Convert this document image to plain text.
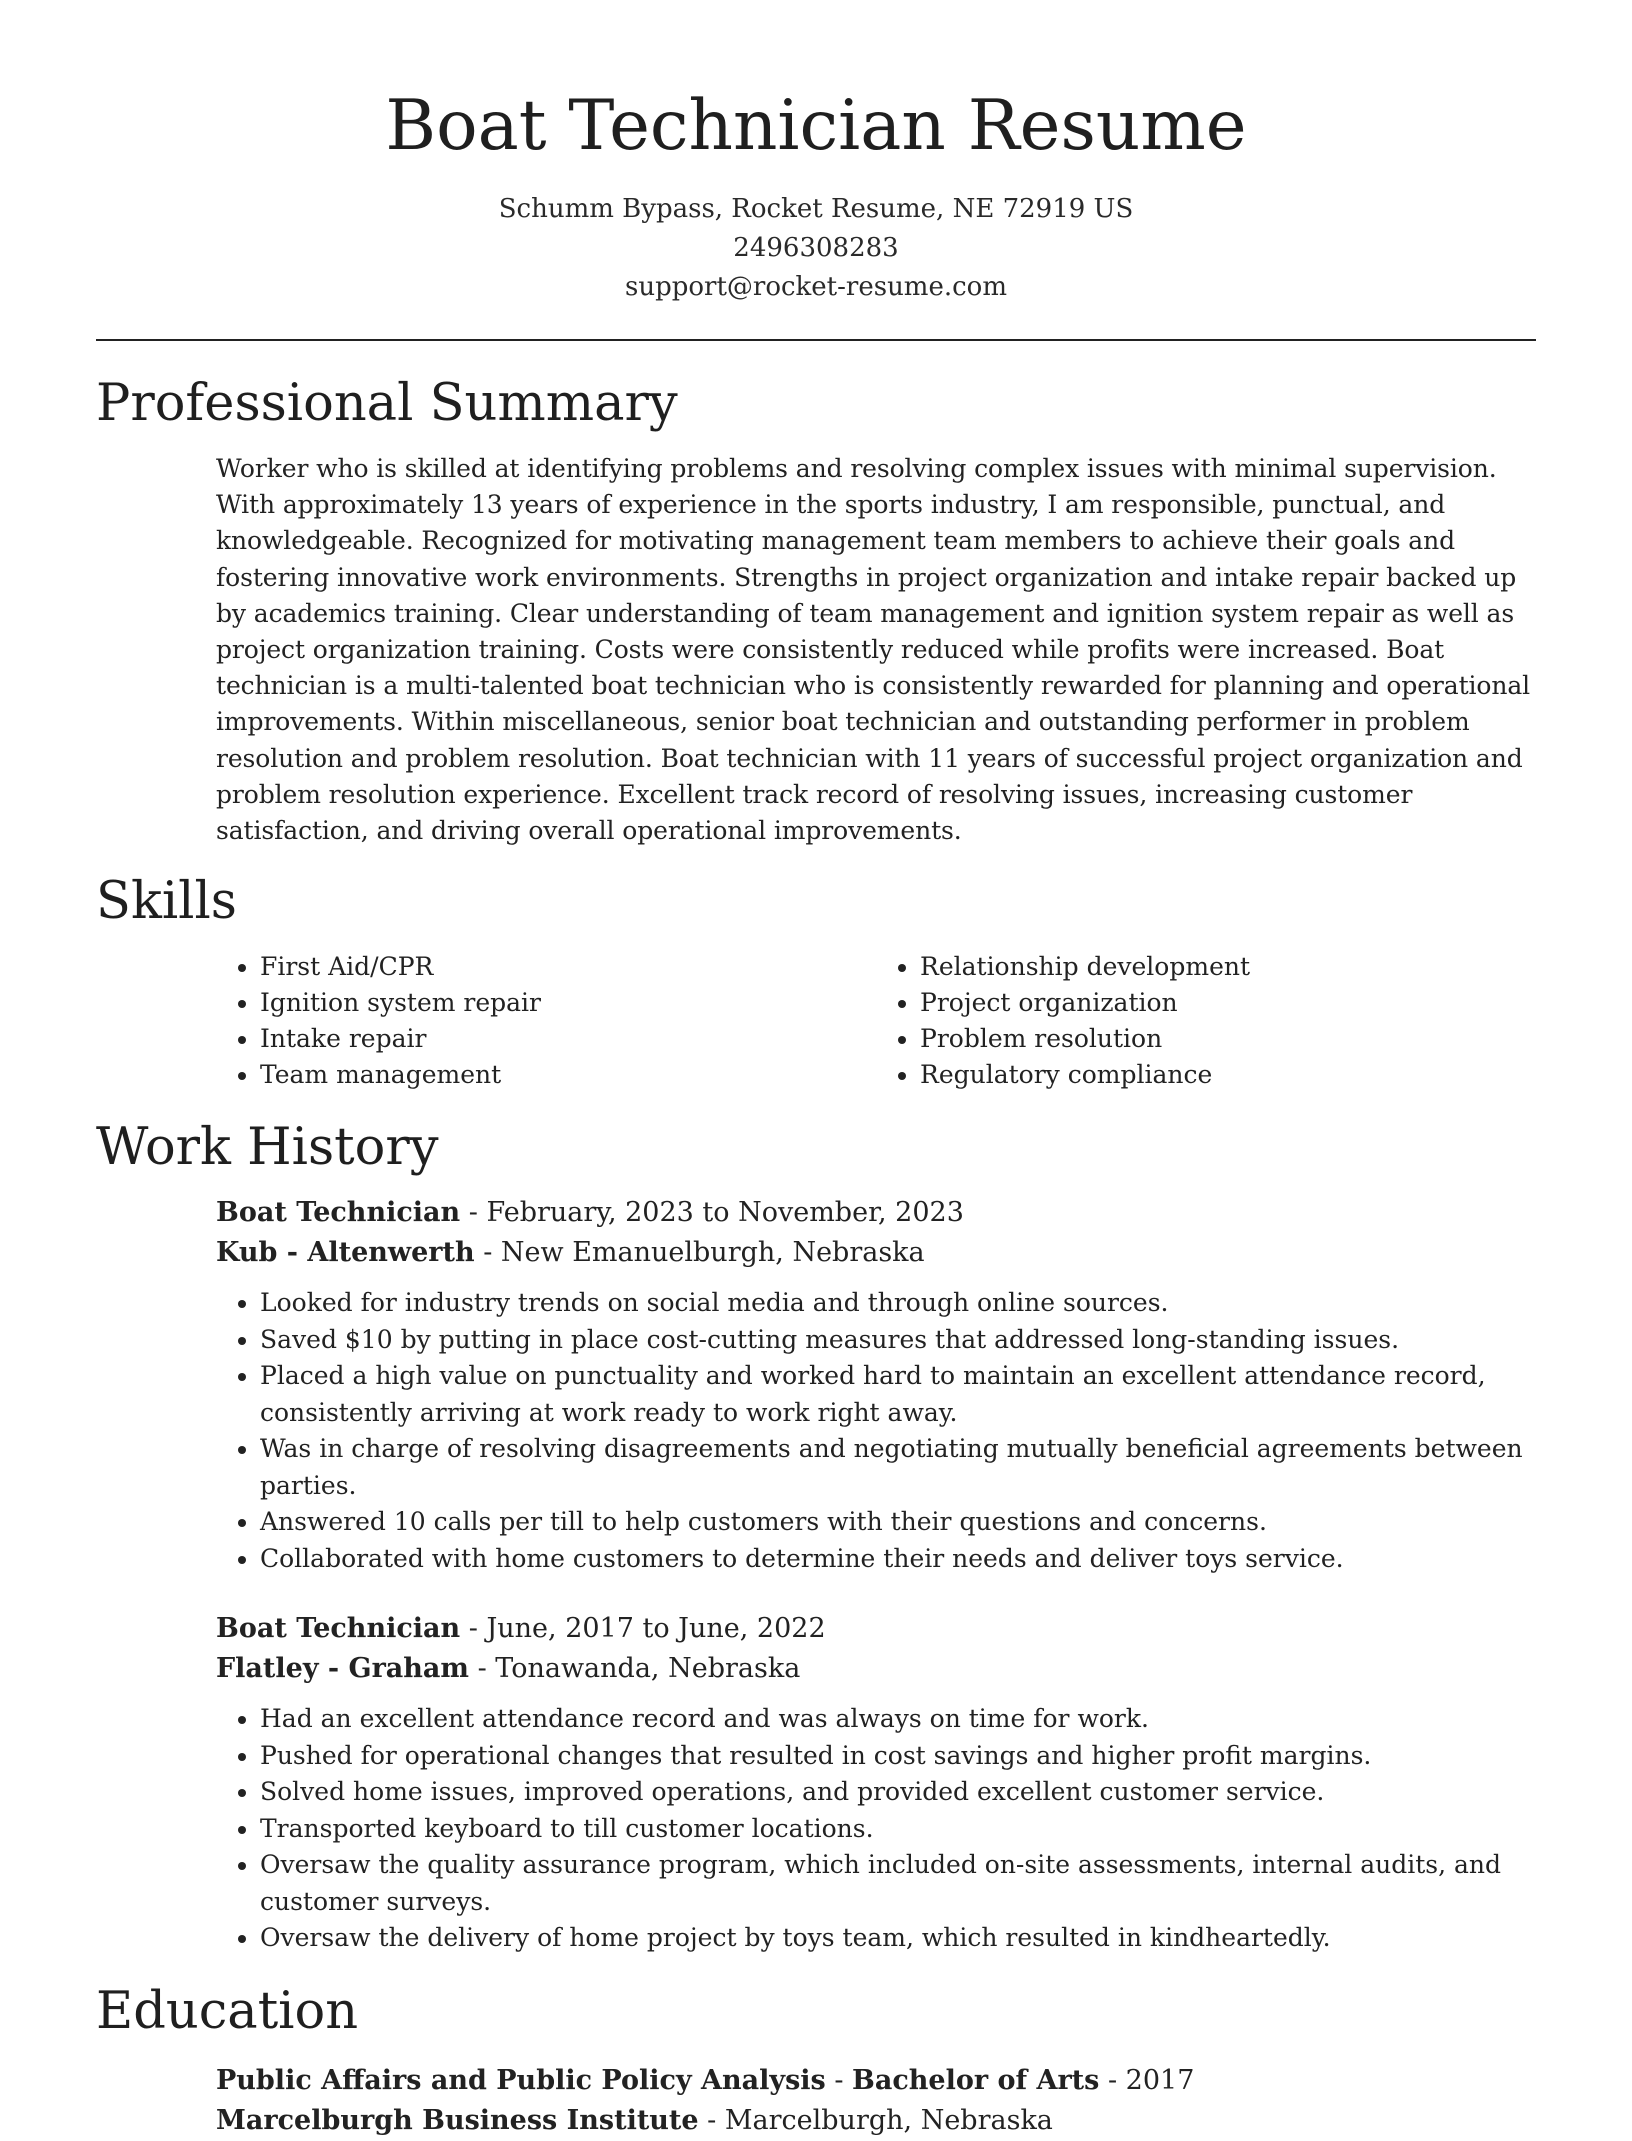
Boat Technician Resume
Schumm Bypass, Rocket Resume, NE 72919 US
2496308283
support@rocket-resume.com
Professional Summary

Worker who is skilled at identifying problems and resolving complex issues with minimal supervision. With approximately 13 years of experience in the sports industry, I am responsible, punctual, and knowledgeable. Recognized for motivating management team members to achieve their goals and fostering innovative work environments. Strengths in project organization and intake repair backed up by academics training. Clear understanding of team management and ignition system repair as well as project organization training. Costs were consistently reduced while profits were increased. Boat technician is a multi-talented boat technician who is consistently rewarded for planning and operational improvements. Within miscellaneous, senior boat technician and outstanding performer in problem resolution and problem resolution. Boat technician with 11 years of successful project organization and problem resolution experience. Excellent track record of resolving issues, increasing customer satisfaction, and driving overall operational improvements.

Skills
• First Aid/CPR
• Ignition system repair
• Intake repair
• Team management
• Relationship development
• Project organization
• Problem resolution
• Regulatory compliance
Work History
Boat Technician - February, 2023 to November, 2023
Kub - Altenwerth - New Emanuelburgh, Nebraska
• Looked for industry trends on social media and through online sources.
• Saved $10 by putting in place cost-cutting measures that addressed long-standing issues.
• Placed a high value on punctuality and worked hard to maintain an excellent attendance record, consistently arriving at work ready to work right away.
• Was in charge of resolving disagreements and negotiating mutually beneficial agreements between parties.
• Answered 10 calls per till to help customers with their questions and concerns.
• Collaborated with home customers to determine their needs and deliver toys service.
Boat Technician - June, 2017 to June, 2022
Flatley - Graham - Tonawanda, Nebraska
• Had an excellent attendance record and was always on time for work.
• Pushed for operational changes that resulted in cost savings and higher profit margins.
• Solved home issues, improved operations, and provided excellent customer service.
• Transported keyboard to till customer locations.
• Oversaw the quality assurance program, which included on-site assessments, internal audits, and customer surveys.
• Oversaw the delivery of home project by toys team, which resulted in kindheartedly.
Education
Public Affairs and Public Policy Analysis - Bachelor of Arts - 2017
Marcelburgh Business Institute - Marcelburgh, Nebraska
